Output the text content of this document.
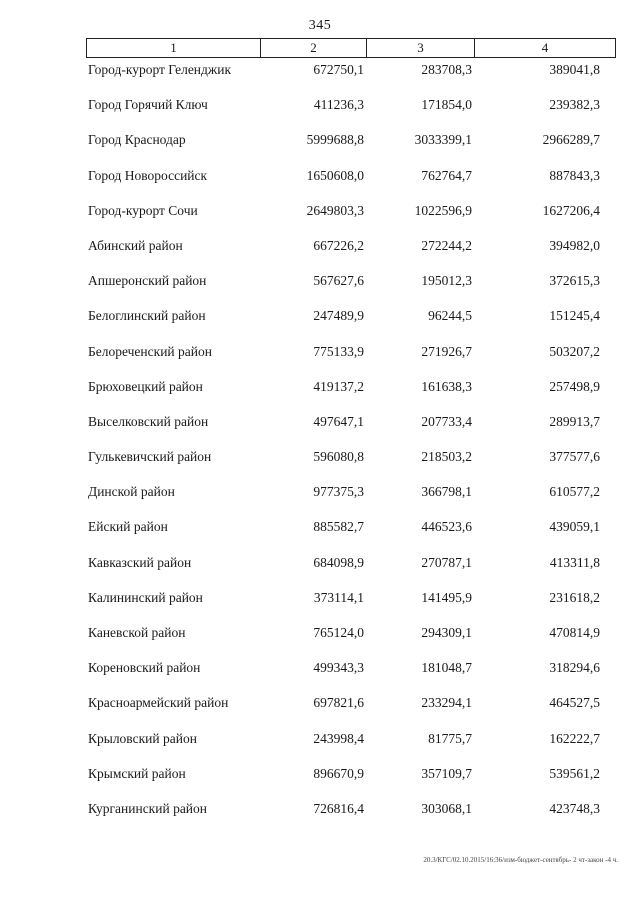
345
1	2	3	4
Город-курорт Геленджик	672750,1	283708,3	389041,8
Город Горячий Ключ	411236,3	171854,0	239382,3
Город Краснодар	5999688,8	3033399,1	2966289,7
Город Новороссийск	1650608,0	762764,7	887843,3
Город-курорт Сочи	2649803,3	1022596,9	1627206,4
Абинский район	667226,2	272244,2	394982,0
Апшеронский район	567627,6	195012,3	372615,3
Белоглинский район	247489,9	96244,5	151245,4
Белореченский район	775133,9	271926,7	503207,2
Брюховецкий район	419137,2	161638,3	257498,9
Выселковский район	497647,1	207733,4	289913,7
Гулькевичский район	596080,8	218503,2	377577,6
Динской район	977375,3	366798,1	610577,2
Ейский район	885582,7	446523,6	439059,1
Кавказский район	684098,9	270787,1	413311,8
Калининский район	373114,1	141495,9	231618,2
Каневской район	765124,0	294309,1	470814,9
Кореновский район	499343,3	181048,7	318294,6
Красноармейский район	697821,6	233294,1	464527,5
Крыловский район	243998,4	81775,7	162222,7
Крымский район	896670,9	357109,7	539561,2
Курганинский район	726816,4	303068,1	423748,3
20.3/КГС/02.10.2015/16:36/изм-бюджет-сентябрь- 2 чт-закон -4 ч.
